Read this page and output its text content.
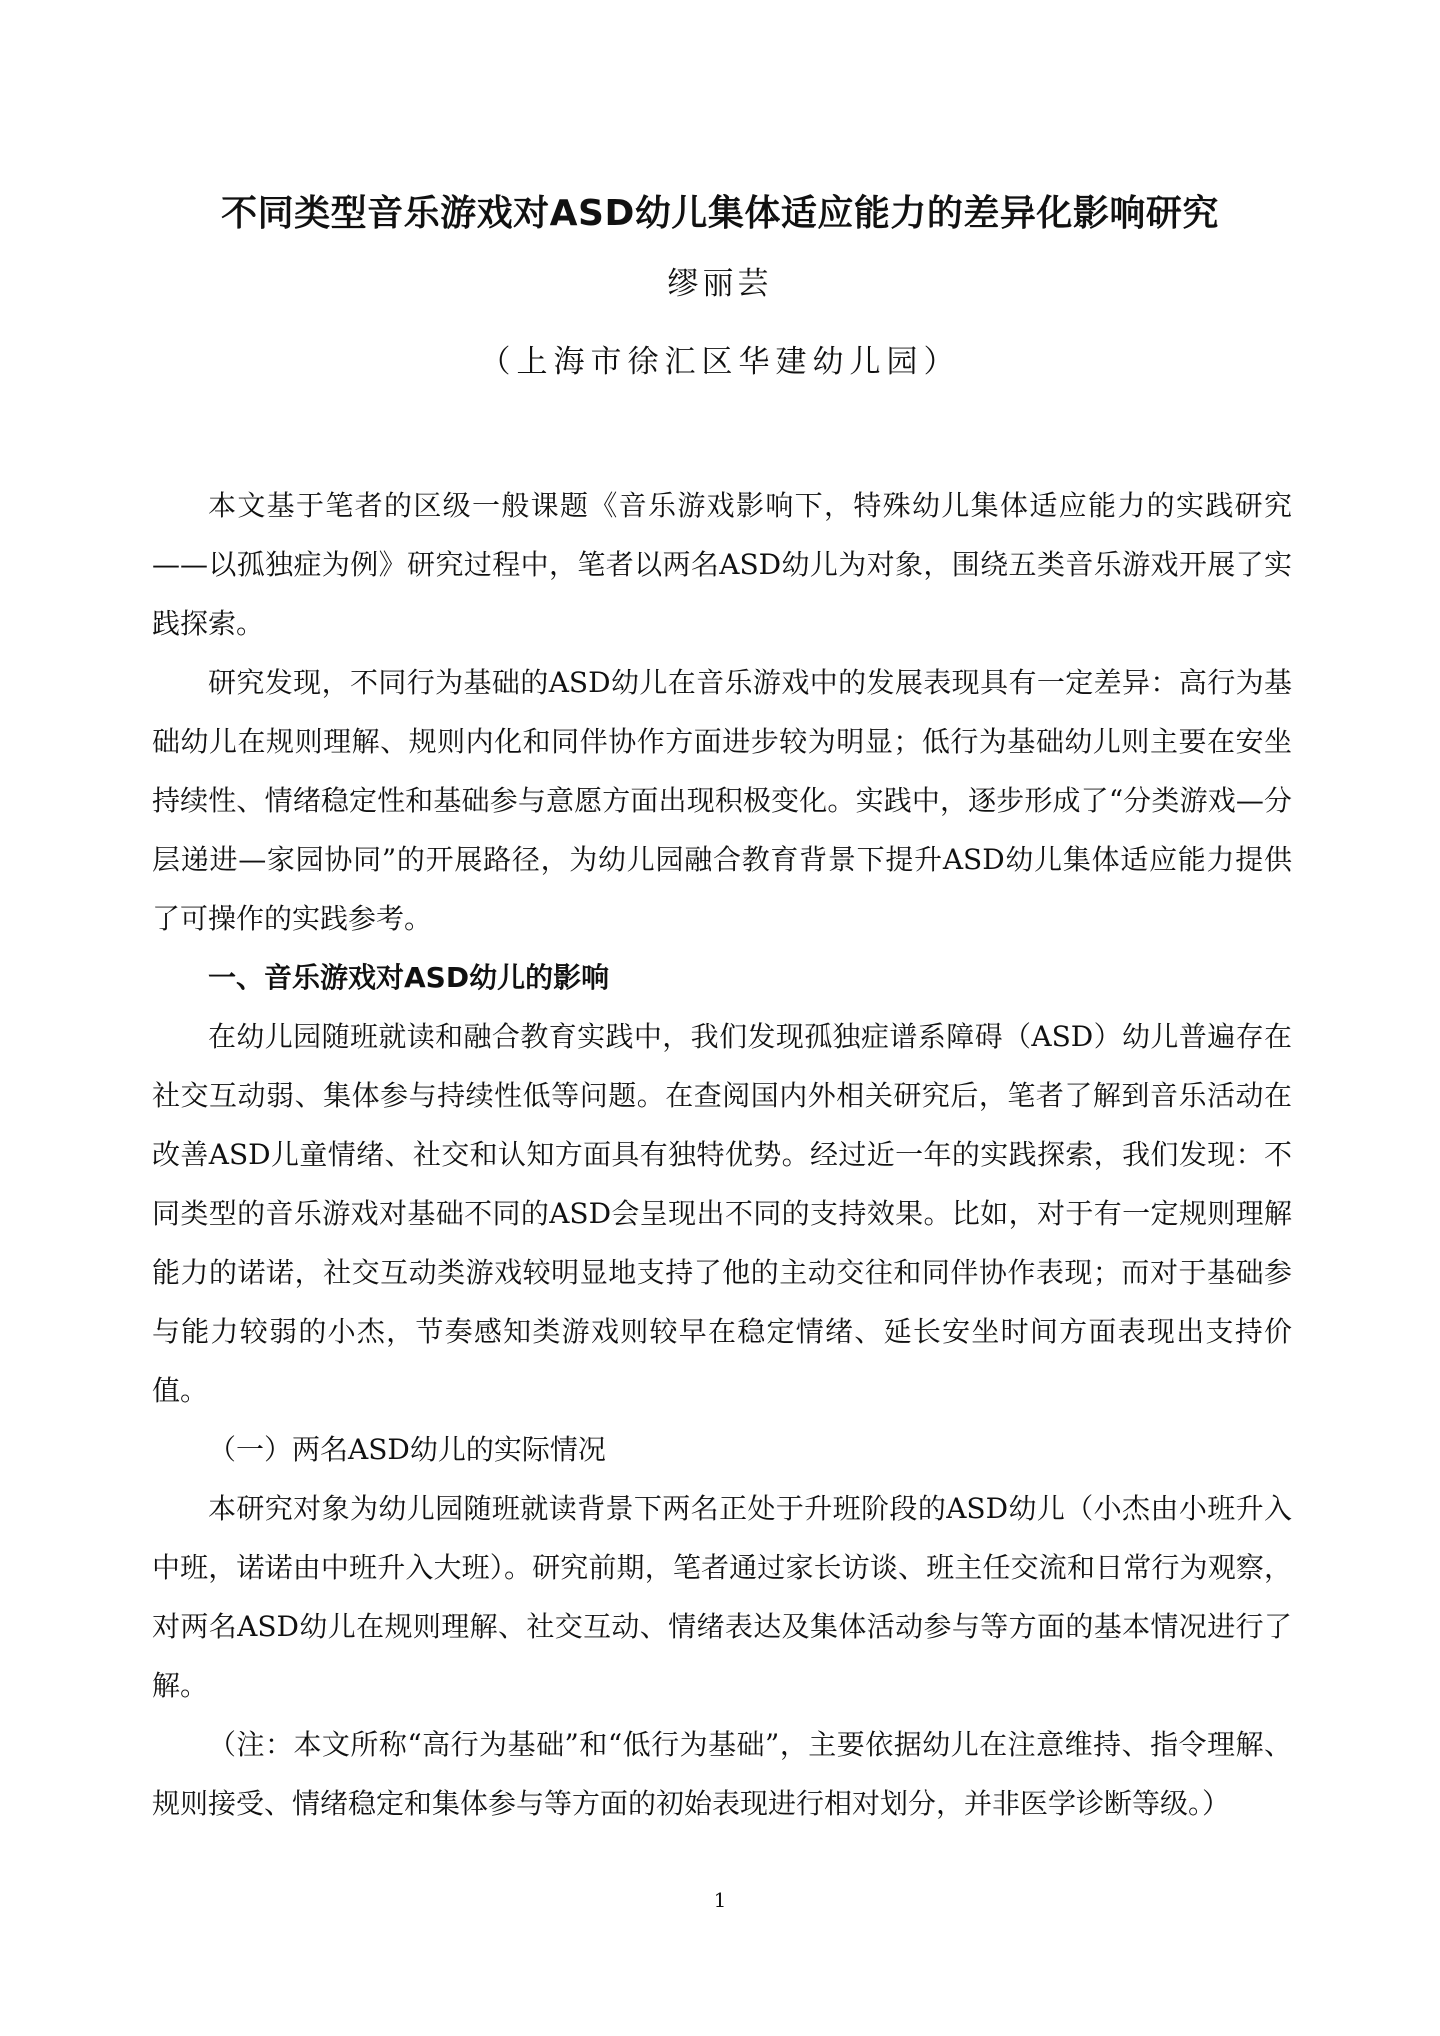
不同类型音乐游戏对ASD幼儿集体适应能力的差异化影响研究
缪丽芸
（上海市徐汇区华建幼儿园）

本文基于笔者的区级一般课题《音乐游戏影响下，特殊幼儿集体适应能力的实践研究——以孤独症为例》研究过程中，笔者以两名ASD幼儿为对象，围绕五类音乐游戏开展了实践探索。

研究发现，不同行为基础的ASD幼儿在音乐游戏中的发展表现具有一定差异：高行为基础幼儿在规则理解、规则内化和同伴协作方面进步较为明显；低行为基础幼儿则主要在安坐持续性、情绪稳定性和基础参与意愿方面出现积极变化。实践中，逐步形成了“分类游戏—分层递进—家园协同”的开展路径，为幼儿园融合教育背景下提升ASD幼儿集体适应能力提供了可操作的实践参考。

一、音乐游戏对ASD幼儿的影响

在幼儿园随班就读和融合教育实践中，我们发现孤独症谱系障碍（ASD）幼儿普遍存在社交互动弱、集体参与持续性低等问题。在查阅国内外相关研究后，笔者了解到音乐活动在改善ASD儿童情绪、社交和认知方面具有独特优势。经过近一年的实践探索，我们发现：不同类型的音乐游戏对基础不同的ASD会呈现出不同的支持效果。比如，对于有一定规则理解能力的诺诺，社交互动类游戏较明显地支持了他的主动交往和同伴协作表现；而对于基础参与能力较弱的小杰，节奏感知类游戏则较早在稳定情绪、延长安坐时间方面表现出支持价值。

（一）两名ASD幼儿的实际情况

本研究对象为幼儿园随班就读背景下两名正处于升班阶段的ASD幼儿（小杰由小班升入中班，诺诺由中班升入大班）。研究前期，笔者通过家长访谈、班主任交流和日常行为观察，对两名ASD幼儿在规则理解、社交互动、情绪表达及集体活动参与等方面的基本情况进行了解。

（注：本文所称“高行为基础”和“低行为基础”，主要依据幼儿在注意维持、指令理解、规则接受、情绪稳定和集体参与等方面的初始表现进行相对划分，并非医学诊断等级。）

1
